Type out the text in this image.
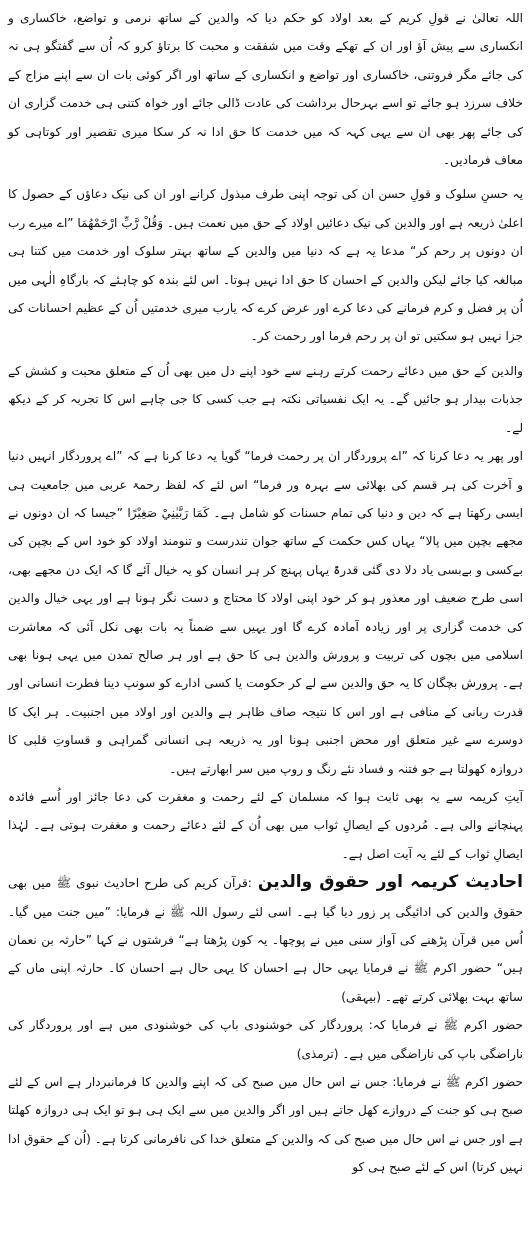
اللہ تعالیٰ نے قولِ کریم کے بعد اولاد کو حکم دیا کہ والدین کے ساتھ نرمی و تواضع، خاکساری و انکساری سے پیش آؤ اور ان کے تھکے وقت میں شفقت و محبت کا برتاؤ کرو کہ اُن سے گفتگو ہی نہ کی جائے مگر فروتنی، خاکساری اور تواضع و انکساری کے ساتھ اور اگر کوئی بات ان سے اپنے مزاج کے خلاف سرزد ہو جائے تو اسے بہرحال برداشت کی عادت ڈالی جائے اور خواہ کتنی ہی خدمت گزاری ان کی جائے پھر بھی ان سے یہی کہہ کہ میں خدمت کا حق ادا نہ کر سکا میری تقصیر اور کوتاہی کو معاف فرمادیں۔

یہ حسنِ سلوک و قولِ حسن ان کی توجہ اپنی طرف مبذول کرانے اور ان کی نیک دعاؤں کے حصول کا اعلیٰ ذریعہ ہے اور والدین کی نیک دعائیں اولاد کے حق میں نعمت ہیں۔ وَقُلْ رَّبِّ ارْحَمْهُمَا ”اے میرے رب ان دونوں پر رحم کر“ مدعا یہ ہے کہ دنیا میں والدین کے ساتھ بہتر سلوک اور خدمت میں کتنا ہی مبالغہ کیا جائے لیکن والدین کے احسان کا حق ادا نہیں ہوتا۔ اس لئے بندہ کو چاہئے کہ بارگاہِ الٰہی میں اُن پر فضل و کرم فرمانے کی دعا کرے اور عرض کرے کہ یارب میری خدمتیں اُن کے عظیم احسانات کی جزا نہیں ہو سکتیں تو ان پر رحم فرما اور رحمت کر۔

والدین کے حق میں دعائے رحمت کرتے رہنے سے خود اپنے دل میں بھی اُن کے متعلق محبت و کشش کے جذبات بیدار ہو جائیں گے۔ یہ ایک نفسیاتی نکتہ ہے جب کسی کا جی چاہے اس کا تجربہ کر کے دیکھ لے۔

اور پھر یہ دعا کرنا کہ ”اے پروردگار ان پر رحمت فرما“ گویا یہ دعا کرنا ہے کہ ”اے پروردگار انہیں دنیا و آخرت کی ہر قسم کی بھلائی سے بہرہ ور فرما“ اس لئے کہ لفظ رحمۃ عربی میں جامعیت ہی ایسی رکھتا ہے کہ دین و دنیا کی تمام حسنات کو شامل ہے۔ كَمَا رَبَّيٰنِيْ صَغِيْرًا ”جیسا کہ ان دونوں نے مجھے بچپن میں پالا“ یہاں کس حکمت کے ساتھ جوان تندرست و تنومند اولاد کو خود اس کے بچپن کی بےکسی و بےبسی یاد دلا دی گئی قدرۃً یہاں پہنچ کر ہر انسان کو یہ خیال آئے گا کہ ایک دن مجھے بھی، اسی طرح ضعیف اور معذور ہو کر خود اپنی اولاد کا محتاج و دست نگر ہونا ہے اور یہی خیال والدین کی خدمت گزاری پر اور زیادہ آمادہ کرے گا اور یہیں سے ضمناً یہ بات بھی نکل آئی کہ معاشرت اسلامی میں بچوں کی تربیت و پرورش والدین ہی کا حق ہے اور ہر صالح تمدن میں یہی ہونا بھی ہے۔ پرورش بچگان کا یہ حق والدین سے لے کر حکومت یا کسی ادارے کو سونپ دینا فطرت انسانی اور قدرت ربانی کے منافی ہے اور اس کا نتیجہ صاف ظاہر ہے والدین اور اولاد میں اجنبیت۔ ہر ایک کا دوسرے سے غیر متعلق اور محض اجنبی ہونا اور یہ ذریعہ ہی انسانی گمراہی و قساوتِ قلبی کا دروازہ کھولتا ہے جو فتنہ و فساد نئے رنگ و روپ میں سر ابھارتے ہیں۔

آیتِ کریمہ سے یہ بھی ثابت ہوا کہ مسلمان کے لئے رحمت و مغفرت کی دعا جائز اور اُسے فائدہ پہنچانے والی ہے۔ مُردوں کے ایصالِ ثواب میں بھی اُن کے لئے دعائے رحمت و مغفرت ہوتی ہے۔ لہٰذا ایصالِ ثواب کے لئے یہ آیت اصل ہے۔

احادیث کریمہ اور حقوق والدین:قرآن کریم کی طرح احادیث نبوی ﷺ میں بھی حقوق والدین کی ادائیگی پر زور دیا گیا ہے۔ اسی لئے رسول اللہ ﷺ نے فرمایا: ”میں جنت میں گیا۔ اُس میں قرآن پڑھنے کی آواز سنی میں نے پوچھا۔ یہ کون پڑھتا ہے“ فرشتوں نے کہا ”حارثہ بن نعمان ہیں“ حضور اکرم ﷺ نے فرمایا یہی حال ہے احسان کا یہی حال ہے احسان کا۔ حارثہ اپنی ماں کے ساتھ بہت بھلائی کرتے تھے۔ (بیہقی)

حضور اکرم ﷺ نے فرمایا کہ: پروردگار کی خوشنودی باپ کی خوشنودی میں ہے اور پروردگار کی ناراضگی باپ کی ناراضگی میں ہے۔ (ترمذی)

حضور اکرم ﷺ نے فرمایا: جس نے اس حال میں صبح کی کہ اپنے والدین کا فرمانبردار ہے اس کے لئے صبح ہی کو جنت کے دروازے کھل جاتے ہیں اور اگر والدین میں سے ایک ہی ہو تو ایک ہی دروازہ کھلتا ہے اور جس نے اس حال میں صبح کی کہ والدین کے متعلق خدا کی نافرمانی کرتا ہے۔ (اُن کے حقوق ادا نہیں کرتا) اس کے لئے صبح ہی کو
